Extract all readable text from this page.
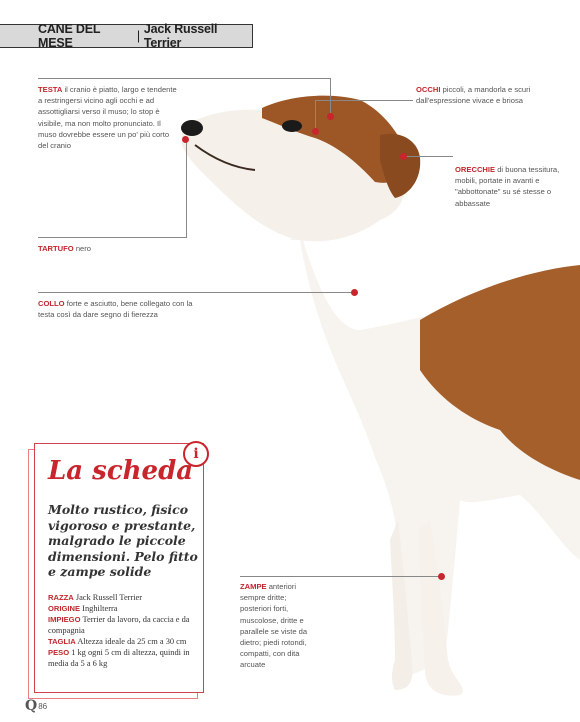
CANE DEL MESE	| Jack Russell Terrier
TESTA il cranio è piatto, largo e tendente a restringersi vicino agli occhi e ad assottigliarsi verso il muso; lo stop è visibile, ma non molto pronunciato. Il muso dovrebbe essere un po' più corto del cranio
OCCHI piccoli, a mandorla e scuri dall'espressione vivace e briosa
ORECCHIE di buona tessitura, mobili, portate in avanti e "abbottonate" su sé stesse o abbassate
TARTUFO nero
COLLO forte e asciutto, bene collegato con la testa così da dare segno di fierezza
ZAMPE anteriori sempre dritte; posteriori forti, muscolose, dritte e parallele se viste da dietro; piedi rotondi, compatti, con dita arcuate
i
La scheda
Molto rustico, fisico vigoroso e prestante, malgrado le piccole dimensioni. Pelo fitto e zampe solide
RAZZA Jack Russell Terrier
ORIGINE Inghilterra
IMPIEGO Terrier da lavoro, da caccia e da compagnia
TAGLIA Altezza ideale da 25 cm a 30 cm
PESO 1 kg ogni 5 cm di altezza, quindi in media da 5 a 6 kg
Q 86
